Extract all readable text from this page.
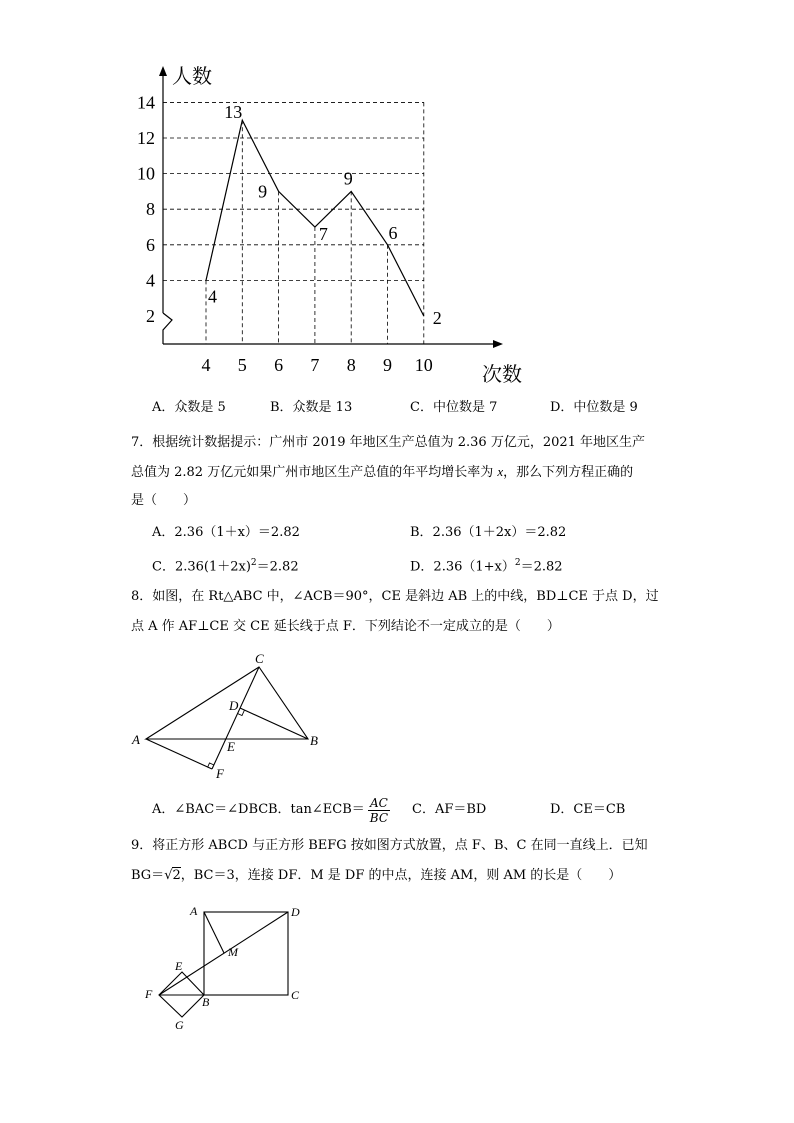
人数
次数
2
4
6
8
10
12
14
4 5 6 7 8 9 10
4
13
9
7
9
6
2
A．众数是 5	B．众数是 13	C．中位数是 7	D．中位数是 9
7．根据统计数据提示：广州市 2019 年地区生产总值为 2.36 万亿元，2021 年地区生产
总值为 2.82 万亿元如果广州市地区生产总值的年平均增长率为 x，那么下列方程正确的
是（　　）
A．2.36（1＋x）＝2.82	B．2.36（1＋2x）＝2.82
C．$2.36(1+2x)^2=2.82$	D．$2.36(1+x)^2=2.82$
8．如图，在 Rt△ABC 中，∠ACB＝90°，CE 是斜边 AB 上的中线，BD⊥CE 于点 D，过
点 A 作 AF⊥CE 交 CE 延长线于点 F．下列结论不一定成立的是（　　）
C
A	B
D
E
F
A．∠BAC＝∠DBC B．tan∠ECB＝ $\frac{AC}{BC}$ C．AF＝BD	D．CE＝CB
9．将正方形 ABCD 与正方形 BEFG 按如图方式放置，点 F、B、C 在同一直线上．已知
BG＝√2，BC＝3，连接 DF．M 是 DF 的中点，连接 AM，则 AM 的长是（　　）
A	D
M
E
F
B	C
G
